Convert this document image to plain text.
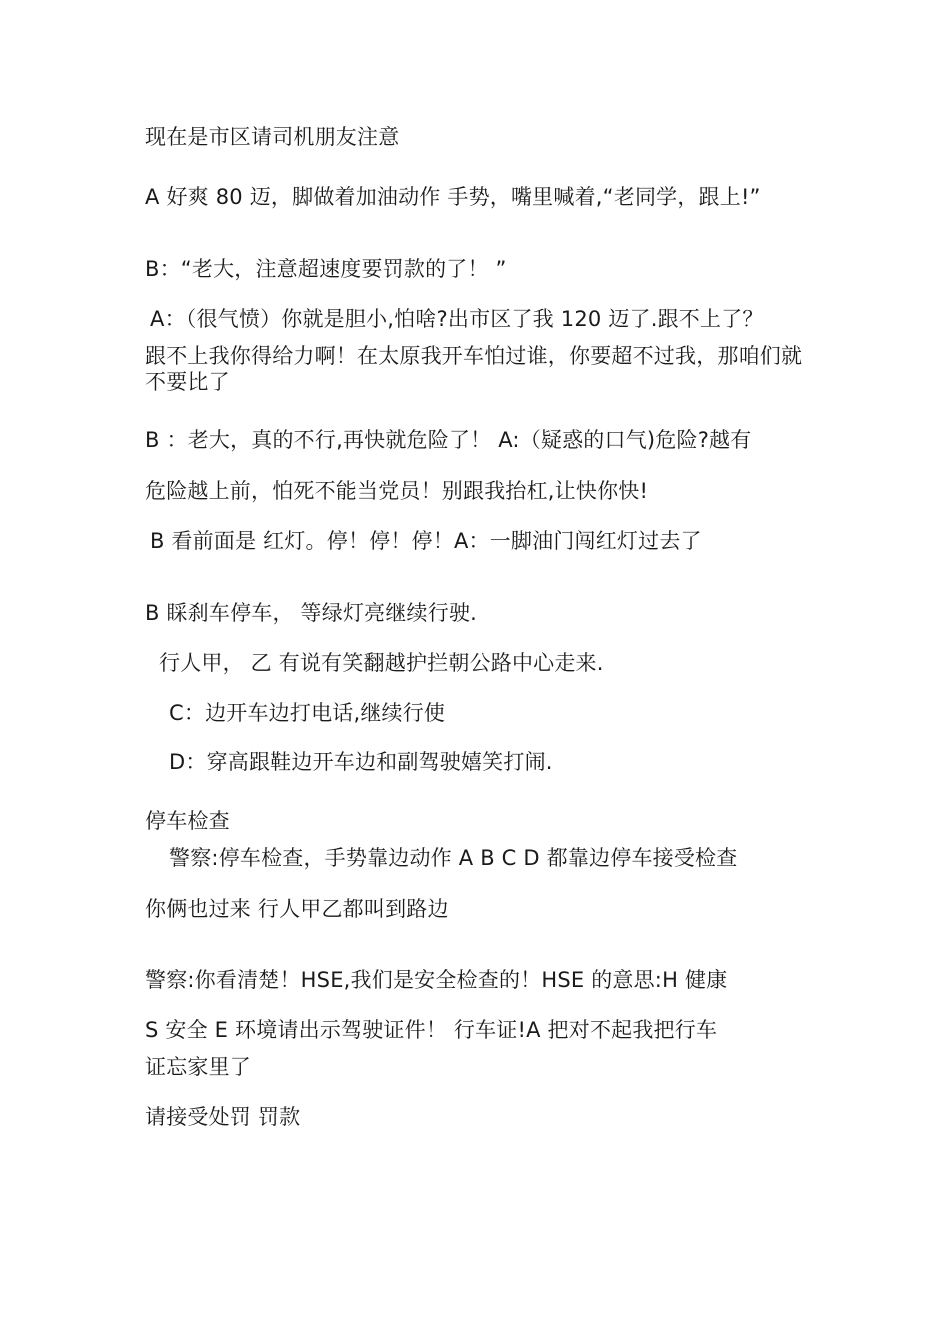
现在是市区请司机朋友注意
A 好爽 80 迈，脚做着加油动作 手势，嘴里喊着,“老同学，跟上!”
B：“老大，注意超速度要罚款的了！ ”
A：（很气愤）你就是胆小,怕啥?出市区了我 120 迈了.跟不上了？
跟不上我你得给力啊！在太原我开车怕过谁，你要超不过我，那咱们就不要比了
B ：老大，真的不行,再快就危险了！ A:（疑惑的口气)危险?越有
危险越上前，怕死不能当党员！别跟我抬杠,让快你快!
B 看前面是 红灯。停！停！停！A：一脚油门闯红灯过去了
B 睬刹车停车， 等绿灯亮继续行驶.
行人甲， 乙 有说有笑翻越护拦朝公路中心走来.
C：边开车边打电话,继续行使
D：穿高跟鞋边开车边和副驾驶嬉笑打闹.
停车检查
警察:停车检查，手势靠边动作 A B C D 都靠边停车接受检查
你俩也过来 行人甲乙都叫到路边
警察:你看清楚！HSE,我们是安全检查的！HSE 的意思:H 健康
S 安全 E 环境请出示驾驶证件！ 行车证!A 把对不起我把行车
证忘家里了
请接受处罚 罚款
